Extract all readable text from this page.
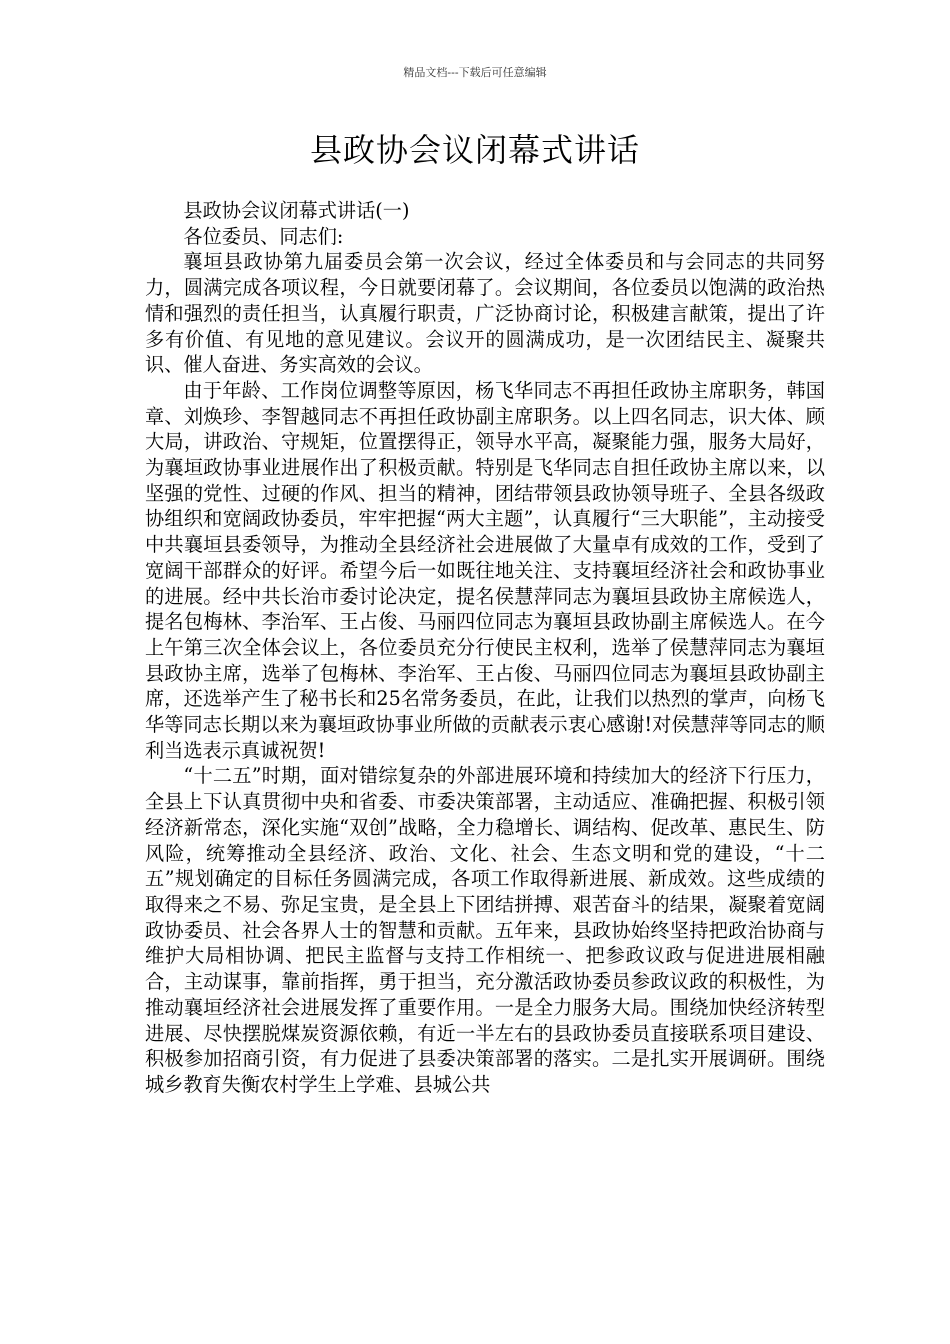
精品文档---下载后可任意编辑
县政协会议闭幕式讲话

县政协会议闭幕式讲话(一)

各位委员、同志们:

襄垣县政协第九届委员会第一次会议，经过全体委员和与会同志的共同努力，圆满完成各项议程，今日就要闭幕了。会议期间，各位委员以饱满的政治热情和强烈的责任担当，认真履行职责，广泛协商讨论，积极建言献策，提出了许多有价值、有见地的意见建议。会议开的圆满成功，是一次团结民主、凝聚共识、催人奋进、务实高效的会议。

由于年龄、工作岗位调整等原因，杨飞华同志不再担任政协主席职务，韩国章、刘焕珍、李智越同志不再担任政协副主席职务。以上四名同志，识大体、顾大局，讲政治、守规矩，位置摆得正，领导水平高，凝聚能力强，服务大局好，为襄垣政协事业进展作出了积极贡献。特别是飞华同志自担任政协主席以来，以坚强的党性、过硬的作风、担当的精神，团结带领县政协领导班子、全县各级政协组织和宽阔政协委员，牢牢把握“两大主题”，认真履行“三大职能”，主动接受中共襄垣县委领导，为推动全县经济社会进展做了大量卓有成效的工作，受到了宽阔干部群众的好评。希望今后一如既往地关注、支持襄垣经济社会和政协事业的进展。经中共长治市委讨论决定，提名侯慧萍同志为襄垣县政协主席候选人，提名包梅林、李治军、王占俊、马丽四位同志为襄垣县政协副主席候选人。在今上午第三次全体会议上，各位委员充分行使民主权利，选举了侯慧萍同志为襄垣县政协主席，选举了包梅林、李治军、王占俊、马丽四位同志为襄垣县政协副主席，还选举产生了秘书长和25名常务委员，在此，让我们以热烈的掌声，向杨飞华等同志长期以来为襄垣政协事业所做的贡献表示衷心感谢!对侯慧萍等同志的顺利当选表示真诚祝贺!

“十二五”时期，面对错综复杂的外部进展环境和持续加大的经济下行压力，全县上下认真贯彻中央和省委、市委决策部署，主动适应、准确把握、积极引领经济新常态，深化实施“双创”战略，全力稳增长、调结构、促改革、惠民生、防风险，统筹推动全县经济、政治、文化、社会、生态文明和党的建设，“十二五”规划确定的目标任务圆满完成，各项工作取得新进展、新成效。这些成绩的取得来之不易、弥足宝贵，是全县上下团结拼搏、艰苦奋斗的结果，凝聚着宽阔政协委员、社会各界人士的智慧和贡献。五年来，县政协始终坚持把政治协商与维护大局相协调、把民主监督与支持工作相统一、把参政议政与促进进展相融合，主动谋事，靠前指挥，勇于担当，充分激活政协委员参政议政的积极性，为推动襄垣经济社会进展发挥了重要作用。一是全力服务大局。围绕加快经济转型进展、尽快摆脱煤炭资源依赖，有近一半左右的县政协委员直接联系项目建设、积极参加招商引资，有力促进了县委决策部署的落实。二是扎实开展调研。围绕城乡教育失衡农村学生上学难、县城公共
